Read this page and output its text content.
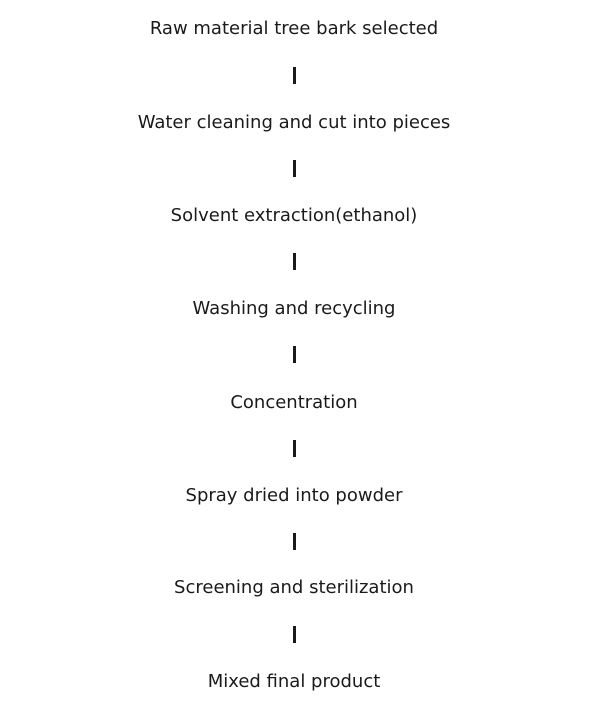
Raw material tree bark selected
Water cleaning and cut into pieces
Solvent extraction(ethanol)
Washing and recycling
Concentration
Spray dried into powder
Screening and sterilization
Mixed final product
